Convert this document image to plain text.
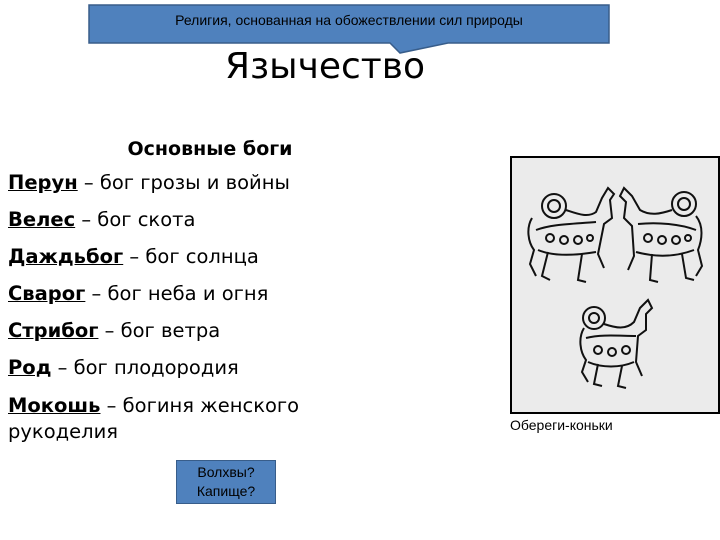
Религия, основанная на обожествлении сил природы
Язычество
Основные боги
Перун – бог грозы и войны
Велес – бог скота
Даждьбог – бог солнца
Сварог – бог неба и огня
Стрибог – бог ветра
Род – бог плодородия
Мокошь – богиня женского рукоделия	Обереги-коньки
Волхвы?
Капище?
